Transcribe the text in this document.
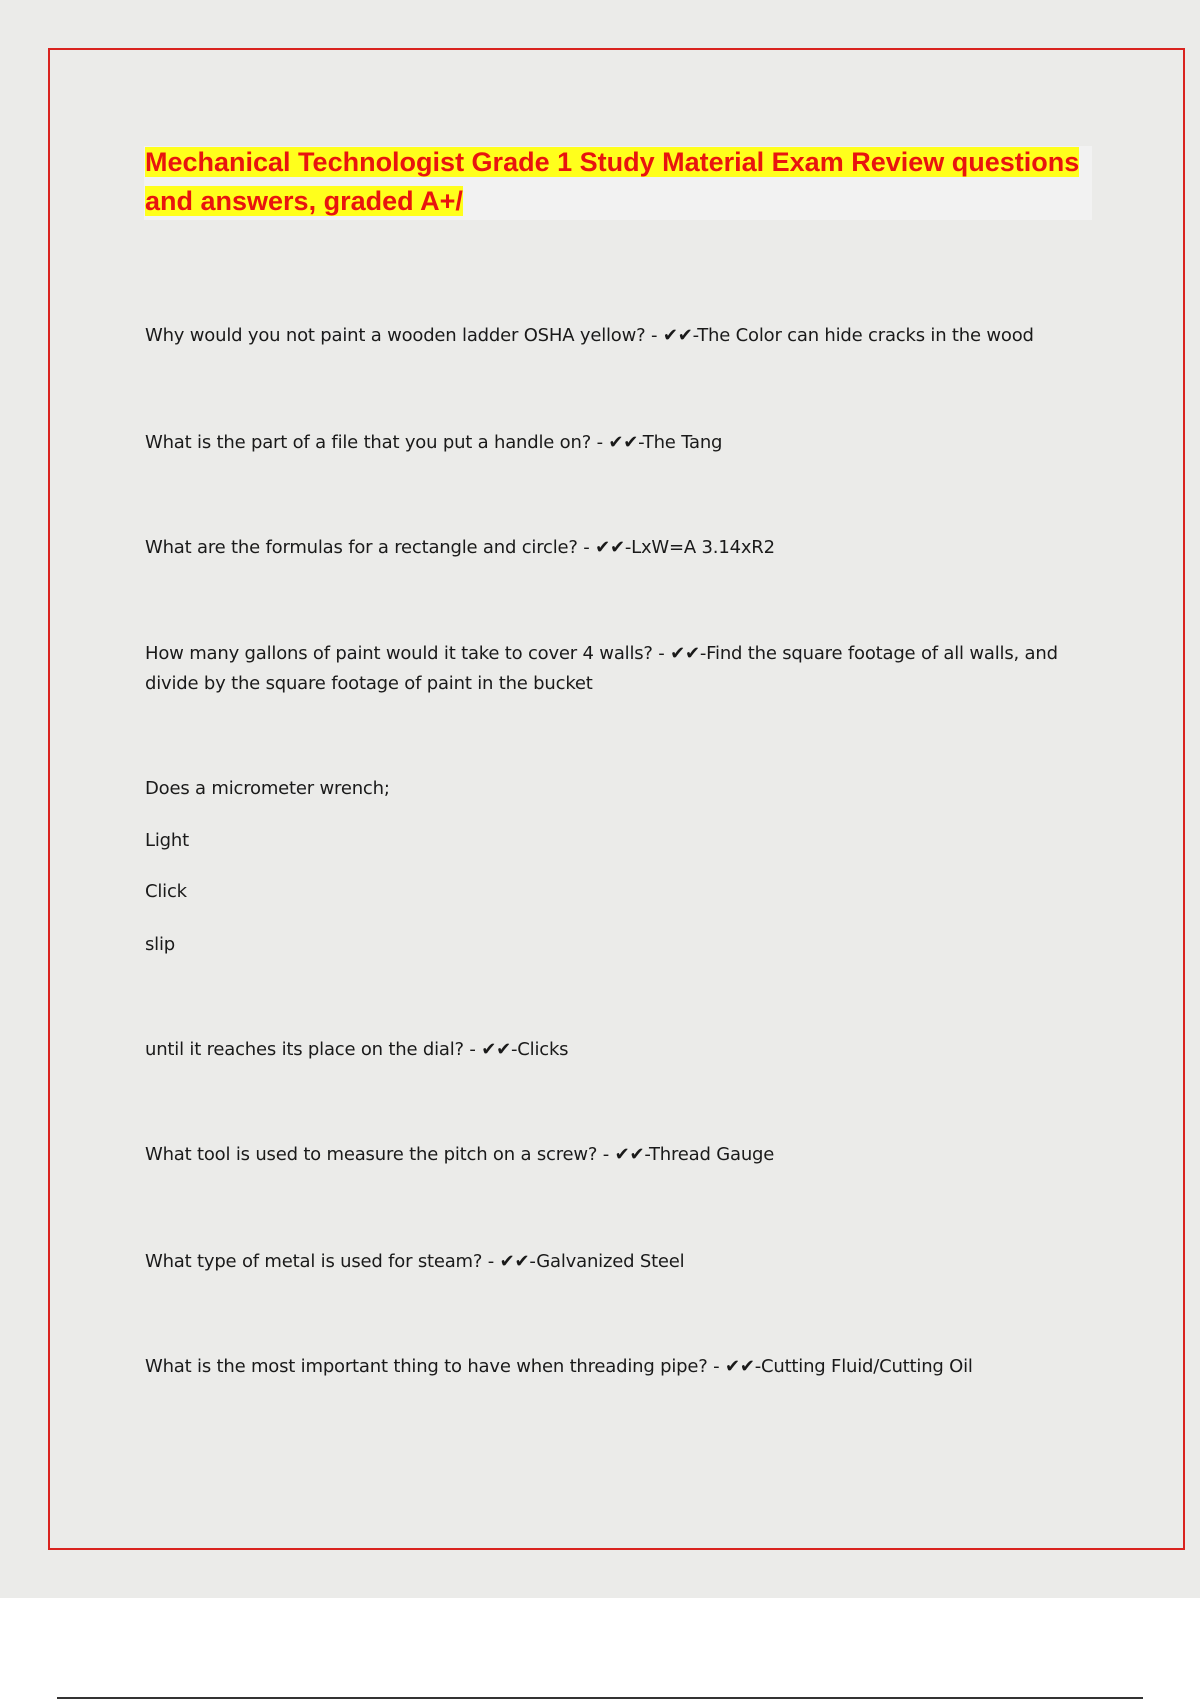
Mechanical Technologist Grade 1 Study Material Exam Review questions and answers, graded A+/

Why would you not paint a wooden ladder OSHA yellow? - ✔✔-The Color can hide cracks in the wood

What is the part of a file that you put a handle on? - ✔✔-The Tang

What are the formulas for a rectangle and circle? - ✔✔-LxW=A 3.14xR2

How many gallons of paint would it take to cover 4 walls? - ✔✔-Find the square footage of all walls, and divide by the square footage of paint in the bucket

Does a micrometer wrench;

Light

Click

slip

until it reaches its place on the dial? - ✔✔-Clicks

What tool is used to measure the pitch on a screw? - ✔✔-Thread Gauge

What type of metal is used for steam? - ✔✔-Galvanized Steel

What is the most important thing to have when threading pipe? - ✔✔-Cutting Fluid/Cutting Oil
